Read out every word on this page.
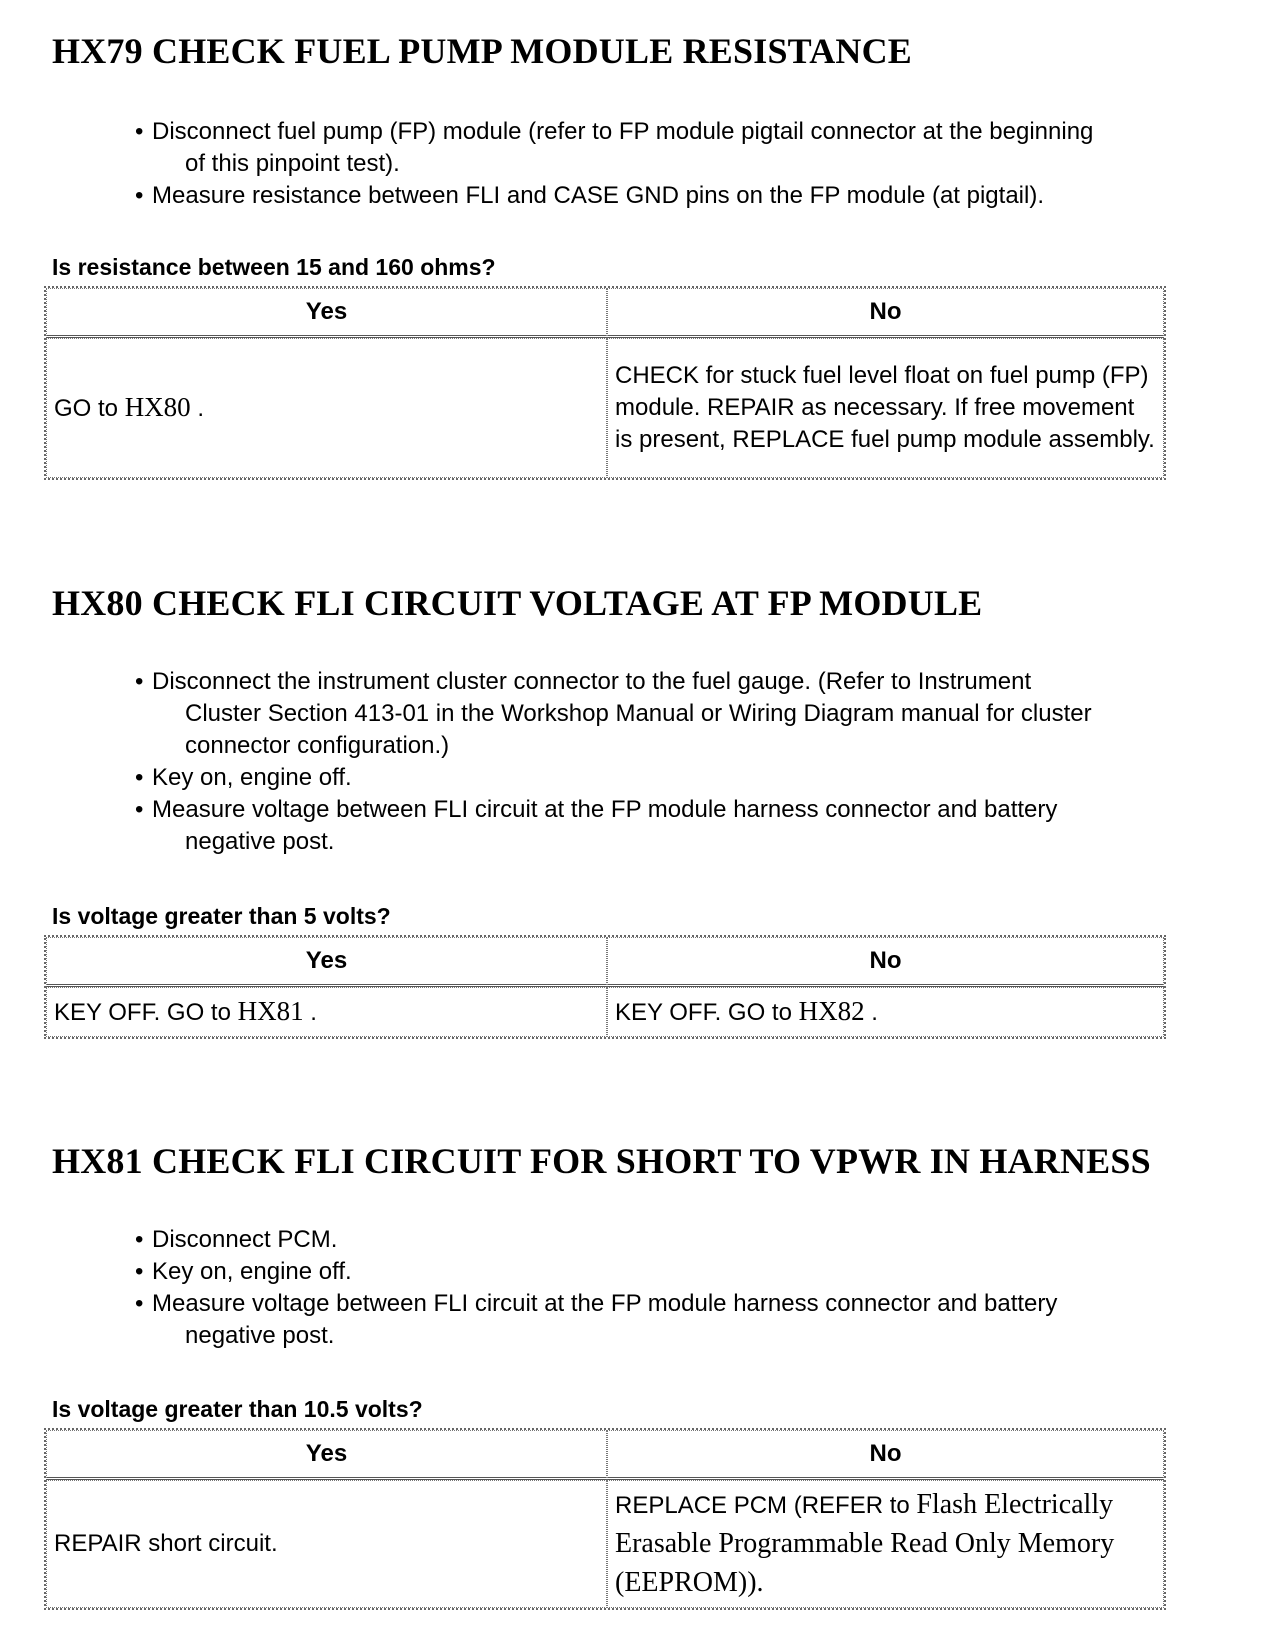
HX79 CHECK FUEL PUMP MODULE RESISTANCE
• Disconnect fuel pump (FP) module (refer to FP module pigtail connector at the beginning
of this pinpoint test).
• Measure resistance between FLI and CASE GND pins on the FP module (at pigtail).

Is resistance between 15 and 160 ohms?

Yes	No
GO to HX80 .	CHECK for stuck fuel level float on fuel pump (FP) module. REPAIR as necessary. If free movement is present, REPLACE fuel pump module assembly.
HX80 CHECK FLI CIRCUIT VOLTAGE AT FP MODULE
• Disconnect the instrument cluster connector to the fuel gauge. (Refer to Instrument
Cluster Section 413-01 in the Workshop Manual or Wiring Diagram manual for cluster
connector configuration.)
• Key on, engine off.
• Measure voltage between FLI circuit at the FP module harness connector and battery
negative post.

Is voltage greater than 5 volts?

Yes	No
KEY OFF. GO to HX81 .	KEY OFF. GO to HX82 .
HX81 CHECK FLI CIRCUIT FOR SHORT TO VPWR IN HARNESS
• Disconnect PCM.
• Key on, engine off.
• Measure voltage between FLI circuit at the FP module harness connector and battery
negative post.

Is voltage greater than 10.5 volts?

Yes	No
REPAIR short circuit.	REPLACE PCM (REFER to Flash Electrically Erasable Programmable Read Only Memory (EEPROM)).
